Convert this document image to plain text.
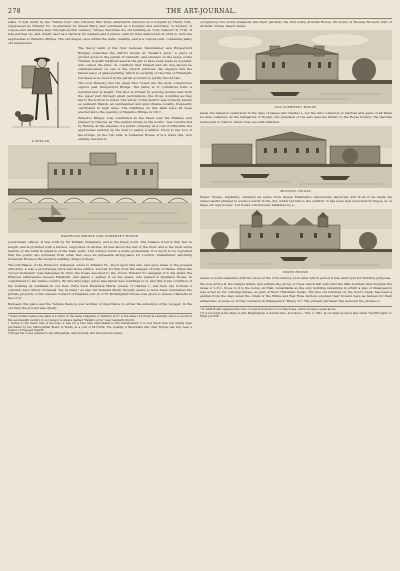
278	THE ART-JOURNAL.

walls. It was burnt by the "rabble rout" who followed Wat Tyler, afterwards restored as a hospital by Henry VIII., suppressed by Edward VI., re-endowed by Queen Mary, and continued as a hospital and sanctuary, "a nursery of rogues and masterless men throughout that century." Strype describes the old building as "very ruinous" in 1720. It was patched up, and chiefly used as a barrack for soldiers and a prison, until its final destruction in 1816 to form the approaches to Waterloo Bridge. The old chapel, once within the walls, remains, and is a curious relic, containing many old monuments.

A PEDLAR.

The Savoy bank of the river between Westminster and Hungerford Bridges comprises the district known as "Pedlar's Acre," a piece of ground given to the parish of Lambeth, and situated on the verge of the Thames. Popular tradition asserts the gift to have been made by a pedlar, who owned the land, on condition that himself and his dog should be commemorated on one of the church windows. We engrave this the famed piece of glass-painting, which is certainly of the time of Elizabeth; but there is no record in the parish accounts to justify the old tale.

The Lion Brewery and the great Shot Tower are the most conspicuous objects past Hungerford Bridge. The latter is of cylindrical form; a hundred feet in height. The shot is formed by pouring molten lead from the upper part through small perforations, the drops rounding as they fall to the bottom in water. The whole of this district was formerly known as Lambeth Marsh, an uninhabited and unprofitable locality, frequently overflowed in high tides. The buildings on this bank have all been erected since the opening of Waterloo Bridge in 1817.

Waterloo Bridge, long celebrated as the finest over the Thames, and praised by Canova, as "the noblest bridge in the world," was constructed by Rennie, at the expense of a public company, at a cost of £400,000; the approaches making up the sum to nearly a million. Close to the foot of the bridge, on the City side, is Somerset House; it is a noble pile, now entirely devoted to

WATERLOO BRIDGE AND SOMERSET HOUSE.

government offices. It was built by Sir William Chambers, and is his finest work. The Thames front is 800 feet in length, and is provided with a terrace, supported on arches, 50 feet above the bed of the river; and is the most noble feature of the bank in advance of the main walls. This terrace forms a noble promenade; it is much to be regretted that the public are excluded from what was once an agreeable airing-place for London. Immediately adjoining Somerset House is the modern building, King's College.

The Old Palace of the Protector Somerset, uncle to Edward VI., stood upon this site, and gave name to the present structure; it was a picturesque brick and stone edifice, erected for him from the designs of John of Padua. When the "proud Somerset" was beheaded in 1552, his house devolved to the crown. Edward VI. assigned it to his sister, the Princess (afterwards Queen) Elizabeth, and James I. settled it on his queen, who named it Denmark House, in compliment to her native country. By this time Inigo Jones had added new buildings to it, and this is the condition of the building as exhibited in our view. Here lived Henrietta Maria, Queen of Charles I., and here she founded a convent; here Oliver Cromwell "lay in state," as also did General Monk. Royalty seems to have been considered the private property of the Queens Consort of England; but in 1775 Buckingham House was given to Queen Charlotte in lieu of it.

Between this place and the Temple there is now nothing of importance to arrest the attention of the voyager. In the old time the ground was chiefly

* Some writers believe the glass is a rebus on the name Chapman. A "Pedlar's Acre" is the name of a street in Lambeth, and is a record of the seventeenth century. In old maps it is always marked "Pedlar's Acre," near Lambeth Church.

† Owing to the heavy rate of the tolls, it was for a long time unprofitable to the shareholders; it is now freed from toll, having been purchased by the Metropolitan Board of Works, at a cost of £475,000. The opening of Blackfriars and other bridges has long been a subject of frequent remark.

‡ Except the rooms granted to the Antiquarian, Astronomical, and Geological Societies.

occupied by two noble mansions and their gardens, the first being Arundel House, the home of Thomas Howard, Earl of Arundel, whose classic tastes

OLD SOMERSET HOUSE.

made the mansion celebrated in the days of James and Charles I., for the rare collection of marbles and gems of all kinds he here collected. At the instigation of Evelyn, the grandson of the earl gave his library to the Royal Society; the marbles being sent to Oxford, where they are still exhibited.

ARUNDEL HOUSE.

Essex" House, adjoining, obtained its name from Queen Elizabeth's unfortunate favourite; and from it he made his unsuccessful attempt to excite a revolt in the city, which led him to the scaffold. It has been well described by Pepys, as "a large yet ugly house;" but it was continuously inhabited by a

ESSEX HOUSE.

series of noble residents until the close of the 17th century, soon after which period it was destroyed for building purposes.

We now arrive at the Temple Stairs, and admire the group of trees which still surround the little fountain that inspired the muse of L.E.L. Close to it is the noble old Hall, remarkable as the only building remaining in which a play of Shakspere's was acted by his contemporaries, as part of their Christmas revels. The fine old Gardens on the river's bank, has been a garden from the days when the chiefs of the White and Red Rose factions plucked their flowers here as badges for their adherents—a scene so vividly rendered in Shakspere's "Henry VI." The present gardener has restored the glories of

* In 1648 Hollar engraved the view of London from the roof of this house, which we have copied above.

† It is recorded in the Diary of John Manningham, a student here, as follows:—"Feb. 2, 1601. At our feast we had a play called 'Twelfth Night; or, What you Will.'"
